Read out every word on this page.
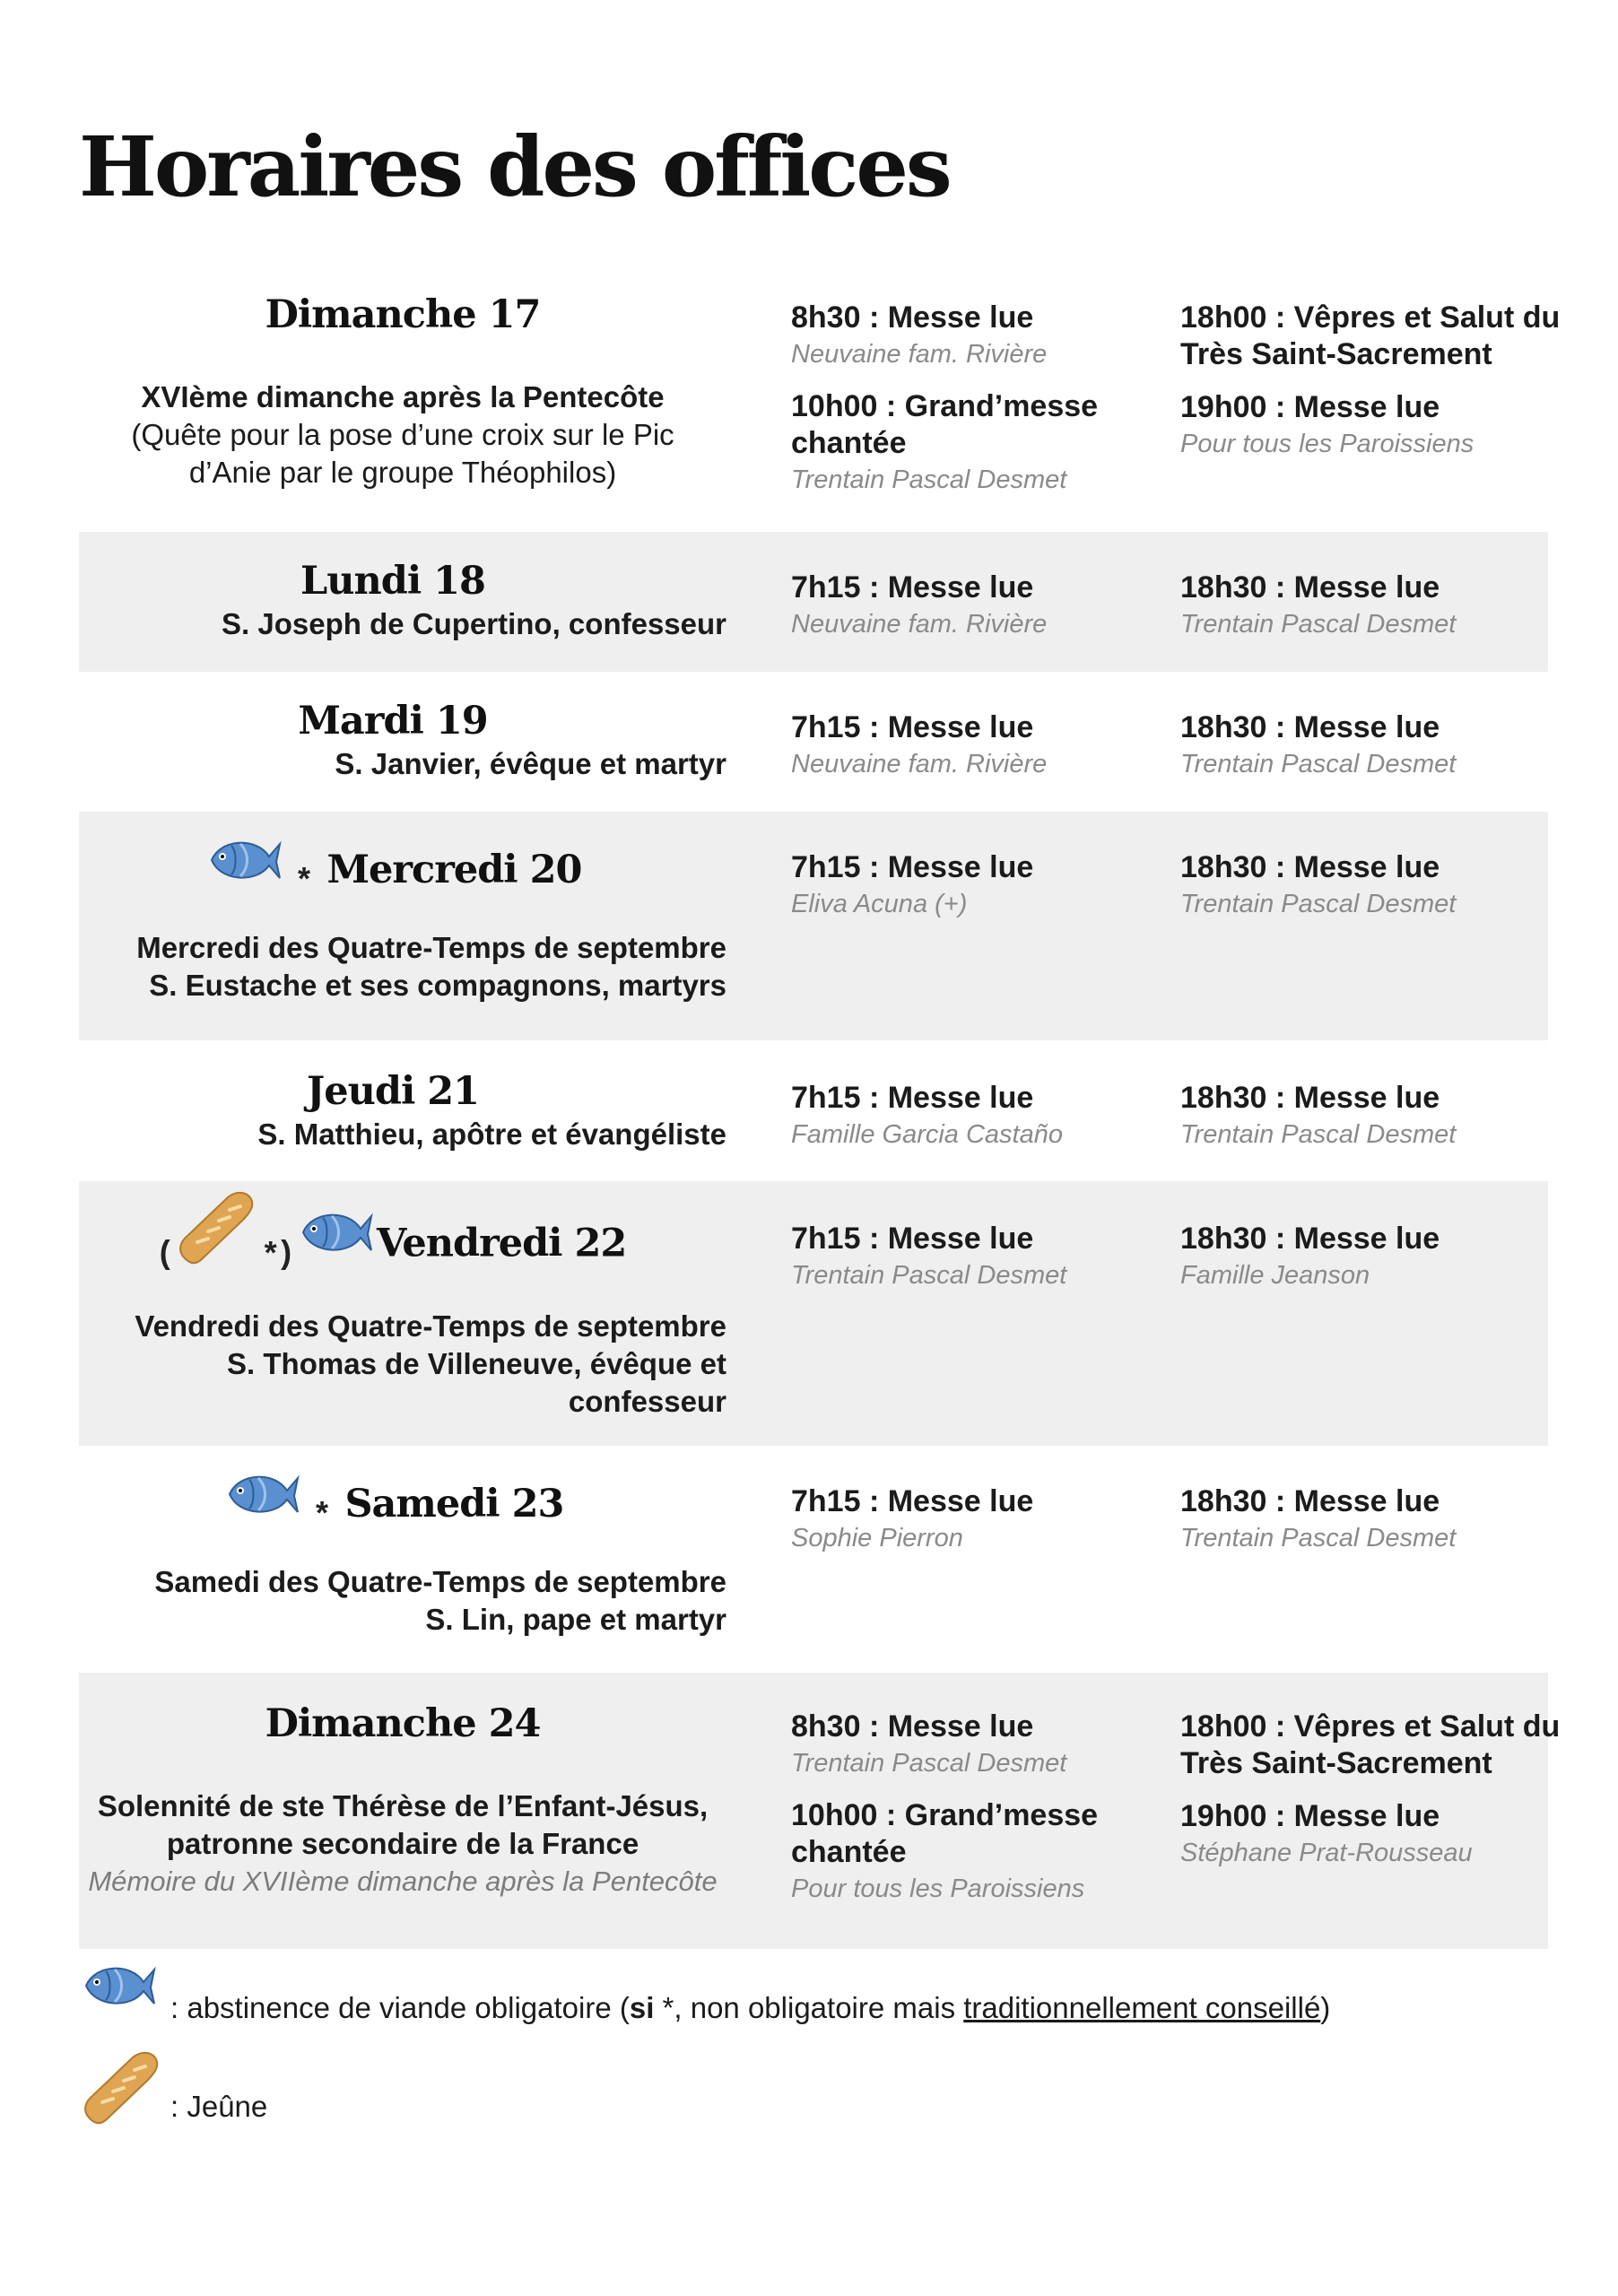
Horaires des offices
Dimanche 17
XVIème dimanche après la Pentecôte
(Quête pour la pose d’une croix sur le Pic
d’Anie par le groupe Théophilos)
8h30 : Messe lue
Neuvaine fam. Rivière
10h00 : Grand’messe chantée
Trentain Pascal Desmet
18h00 : Vêpres et Salut du Très Saint-Sacrement
19h00 : Messe lue
Pour tous les Paroissiens
Lundi 18
S. Joseph de Cupertino, confesseur
7h15 : Messe lue
Neuvaine fam. Rivière
18h30 : Messe lue
Trentain Pascal Desmet
Mardi 19
S. Janvier, évêque et martyr
7h15 : Messe lue
Neuvaine fam. Rivière
18h30 : Messe lue
Trentain Pascal Desmet
* Mercredi 20
Mercredi des Quatre-Temps de septembre
S. Eustache et ses compagnons, martyrs
7h15 : Messe lue
Eliva Acuna (+)
18h30 : Messe lue
Trentain Pascal Desmet
Jeudi 21
S. Matthieu, apôtre et évangéliste
7h15 : Messe lue
Famille Garcia Castaño
18h30 : Messe lue
Trentain Pascal Desmet
(	* ) Vendredi 22
Vendredi des Quatre-Temps de septembre
S. Thomas de Villeneuve, évêque et
confesseur
7h15 : Messe lue
Trentain Pascal Desmet
18h30 : Messe lue
Famille Jeanson
* Samedi 23
Samedi des Quatre-Temps de septembre
S. Lin, pape et martyr
7h15 : Messe lue
Sophie Pierron
18h30 : Messe lue
Trentain Pascal Desmet
Dimanche 24
Solennité de ste Thérèse de l’Enfant-Jésus,
patronne secondaire de la France
Mémoire du XVIIème dimanche après la Pentecôte
8h30 : Messe lue
Trentain Pascal Desmet
10h00 : Grand’messe chantée
Pour tous les Paroissiens
18h00 : Vêpres et Salut du Très Saint-Sacrement
19h00 : Messe lue
Stéphane Prat-Rousseau
: abstinence de viande obligatoire (si *, non obligatoire mais traditionnellement conseillé)
: Jeûne
